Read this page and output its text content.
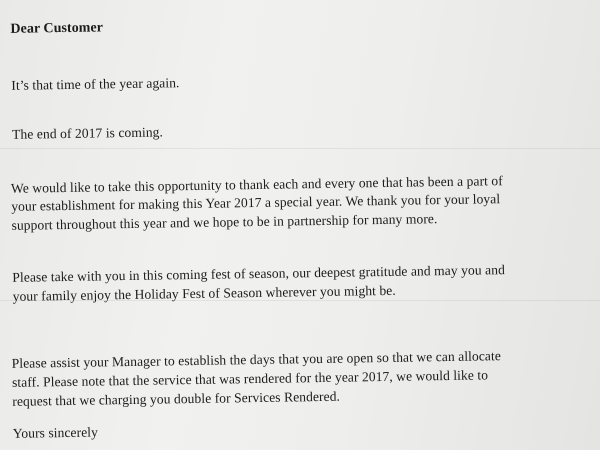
Dear Customer
It’s that time of the year again.
The end of 2017 is coming.
We would like to take this opportunity to thank each and every one that has been a part of
your establishment for making this Year 2017 a special year. We thank you for your loyal
support throughout this year and we hope to be in partnership for many more.
Please take with you in this coming fest of season, our deepest gratitude and may you and
your family enjoy the Holiday Fest of Season wherever you might be.
Please assist your Manager to establish the days that you are open so that we can allocate
staff. Please note that the service that was rendered for the year 2017, we would like to
request that we charging you double for Services Rendered.
Yours sincerely
